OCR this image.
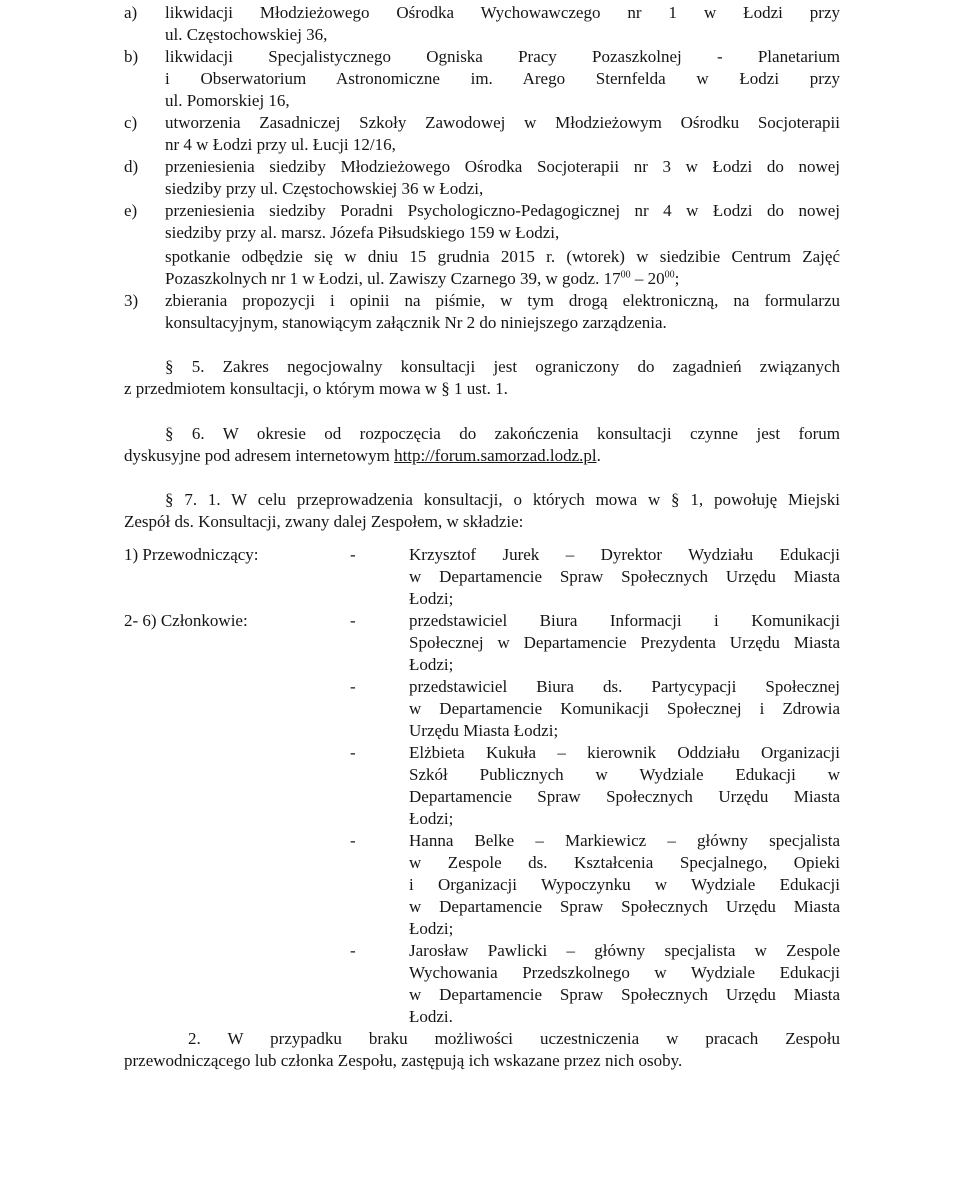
a) likwidacji Młodzieżowego Ośrodka Wychowawczego nr 1 w Łodzi przy
ul. Częstochowskiej 36,
b) likwidacji Specjalistycznego Ogniska Pracy Pozaszkolnej - Planetarium
i Obserwatorium Astronomiczne im. Arego Sternfelda w Łodzi przy
ul. Pomorskiej 16,
c) utworzenia Zasadniczej Szkoły Zawodowej w Młodzieżowym Ośrodku Socjoterapii
nr 4 w Łodzi przy ul. Łucji 12/16,
d) przeniesienia siedziby Młodzieżowego Ośrodka Socjoterapii nr 3 w Łodzi do nowej
siedziby przy ul. Częstochowskiej 36 w Łodzi,
e) przeniesienia siedziby Poradni Psychologiczno-Pedagogicznej nr 4 w Łodzi do nowej
siedziby przy al. marsz. Józefa Piłsudskiego 159 w Łodzi,
spotkanie odbędzie się w dniu 15 grudnia 2015 r. (wtorek) w siedzibie Centrum Zajęć
Pozaszkolnych nr 1 w Łodzi, ul. Zawiszy Czarnego 39, w godz. $17^{00} - 20^{00}$;
3) zbierania propozycji i opinii na piśmie, w tym drogą elektroniczną, na formularzu
konsultacyjnym, stanowiącym załącznik Nr 2 do niniejszego zarządzenia.
§ 5. Zakres negocjowalny konsultacji jest ograniczony do zagadnień związanych
z przedmiotem konsultacji, o którym mowa w § 1 ust. 1.
§ 6. W okresie od rozpoczęcia do zakończenia konsultacji czynne jest forum
dyskusyjne pod adresem internetowym http://forum.samorzad.lodz.pl.
§ 7. 1. W celu przeprowadzenia konsultacji, o których mowa w § 1, powołuję Miejski
Zespół ds. Konsultacji, zwany dalej Zespołem, w składzie:
1) Przewodniczący:
2- 6) Członkowie:
-
-
-
-
-
-
Krzysztof Jurek – Dyrektor Wydziału Edukacji
w Departamencie Spraw Społecznych Urzędu Miasta
Łodzi;
przedstawiciel Biura Informacji i Komunikacji
Społecznej w Departamencie Prezydenta Urzędu Miasta
Łodzi;
przedstawiciel Biura ds. Partycypacji Społecznej
w Departamencie Komunikacji Społecznej i Zdrowia
Urzędu Miasta Łodzi;
Elżbieta Kukuła – kierownik Oddziału Organizacji
Szkół Publicznych w Wydziale Edukacji w
Departamencie Spraw Społecznych Urzędu Miasta
Łodzi;
Hanna Belke – Markiewicz – główny specjalista
w Zespole ds. Kształcenia Specjalnego, Opieki
i Organizacji Wypoczynku w Wydziale Edukacji
w Departamencie Spraw Społecznych Urzędu Miasta
Łodzi;
Jarosław Pawlicki – główny specjalista w Zespole
Wychowania Przedszkolnego w Wydziale Edukacji
w Departamencie Spraw Społecznych Urzędu Miasta
Łodzi.
2. W przypadku braku możliwości uczestniczenia w pracach Zespołu
przewodniczącego lub członka Zespołu, zastępują ich wskazane przez nich osoby.
